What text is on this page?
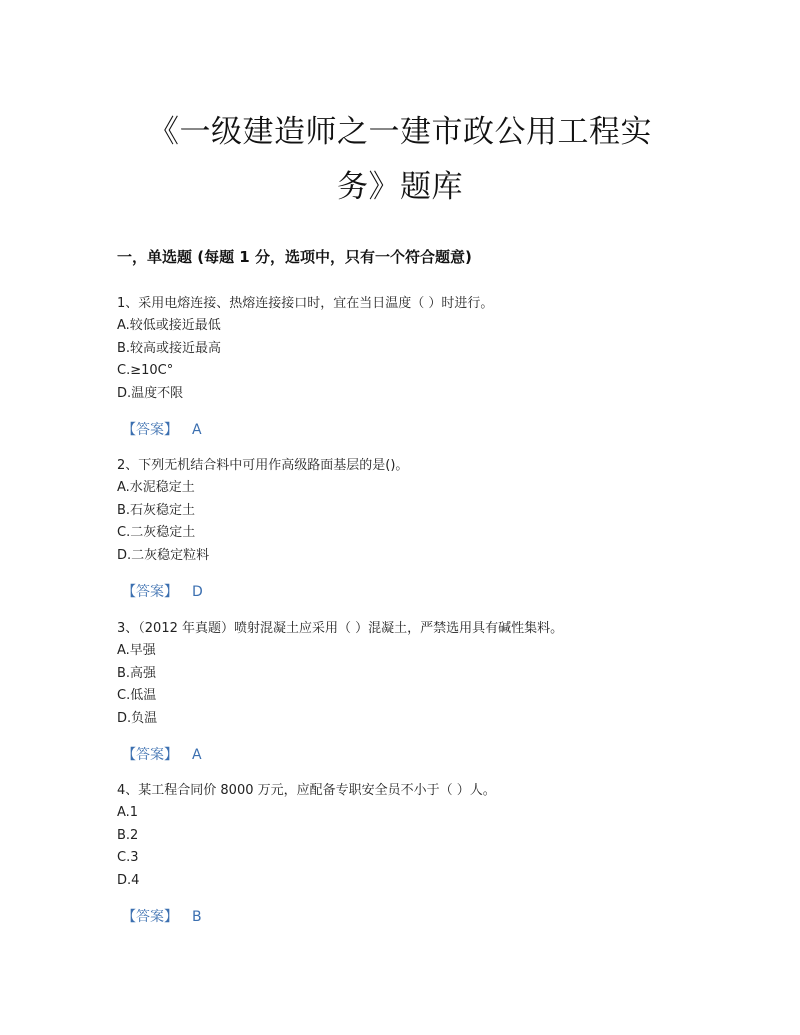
《一级建造师之一建市政公用工程实
务》题库
一，单选题 (每题 1 分，选项中，只有一个符合题意)
1、采用电熔连接、热熔连接接口时，宜在当日温度（ ）时进行。
A.较低或接近最低
B.较高或接近最高
C.≥10C°
D.温度不限
【答案】 A
2、下列无机结合料中可用作高级路面基层的是()。
A.水泥稳定土
B.石灰稳定土
C.二灰稳定土
D.二灰稳定粒料
【答案】 D
3、（2012 年真题）喷射混凝土应采用（ ）混凝土，严禁选用具有碱性集料。
A.早强
B.高强
C.低温
D.负温
【答案】 A
4、某工程合同价 8000 万元，应配备专职安全员不小于（ ）人。
A.1
B.2
C.3
D.4
【答案】 B
